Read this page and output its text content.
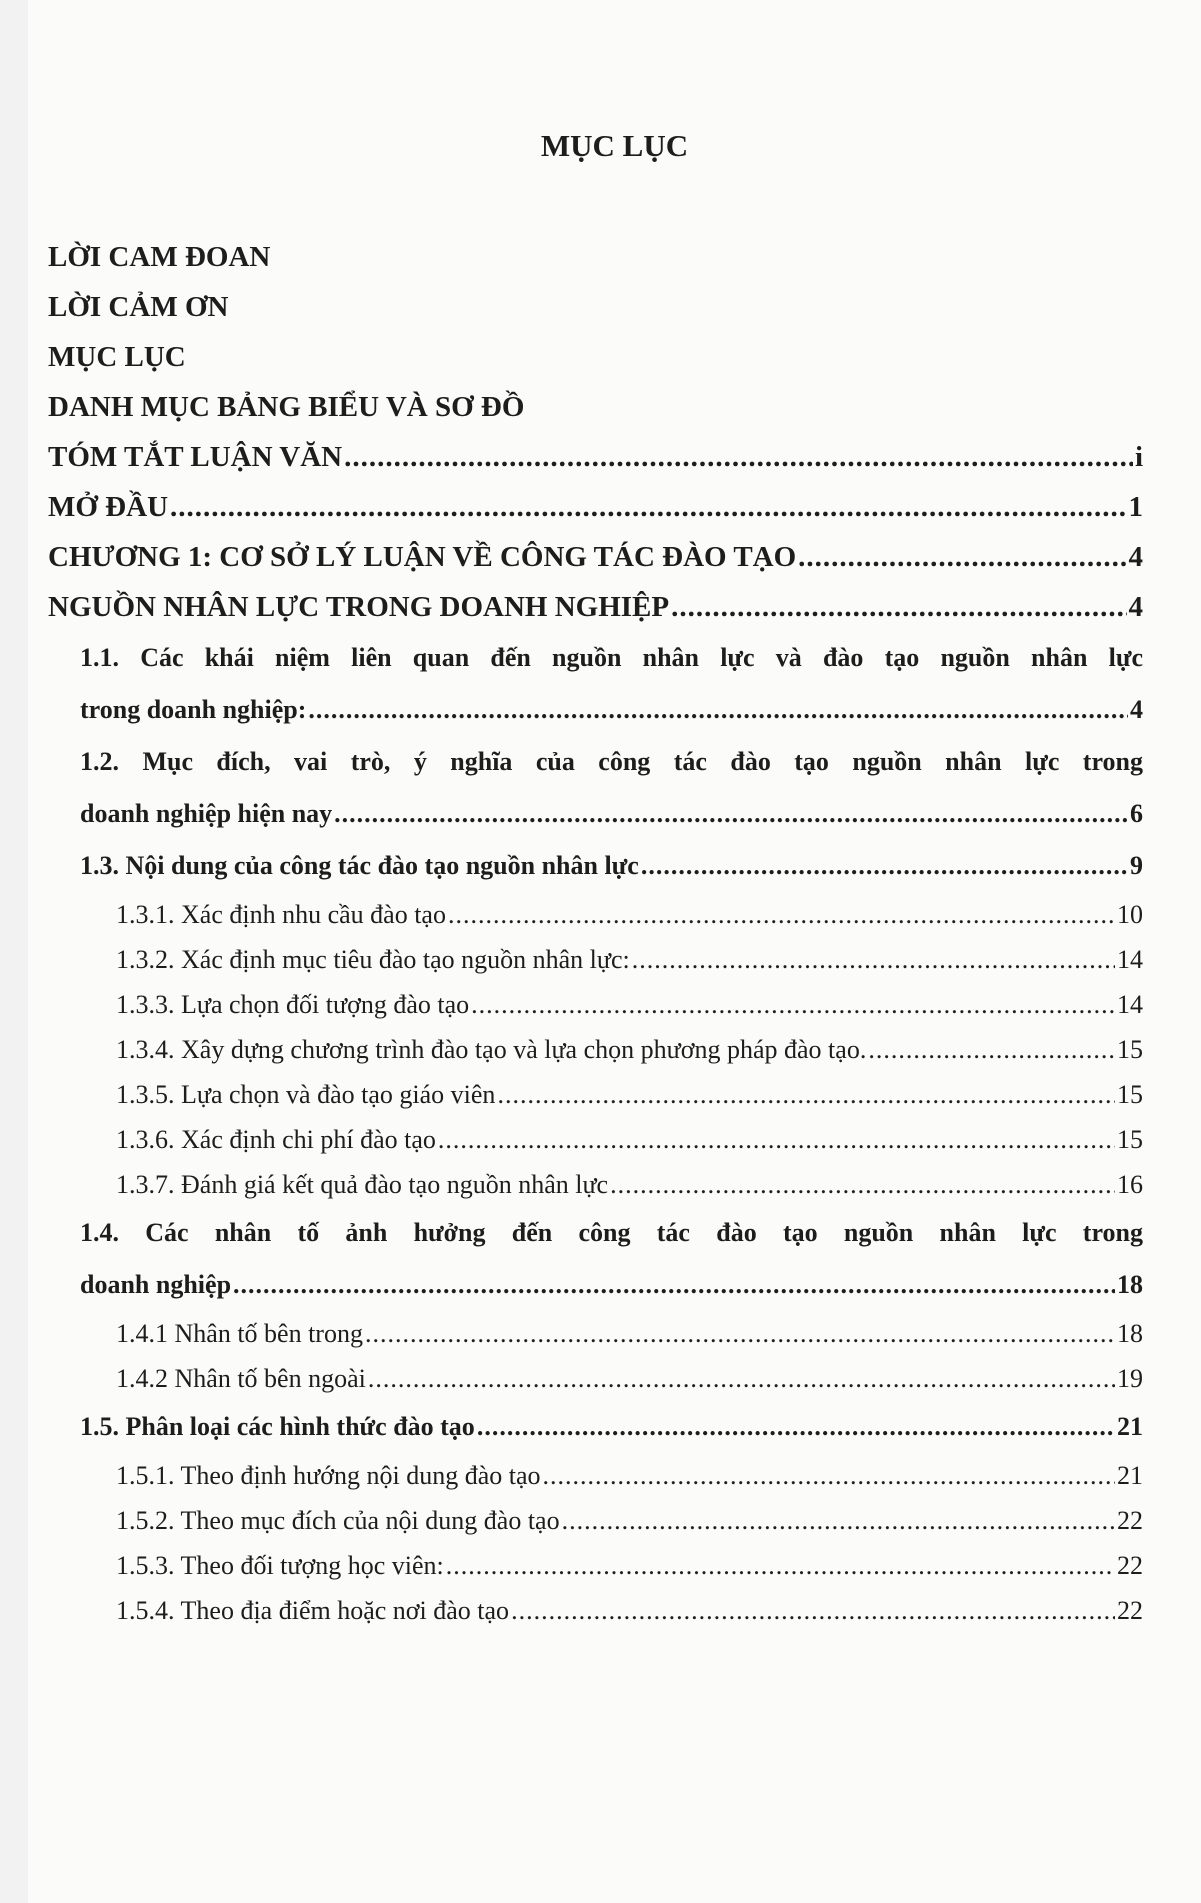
MỤC LỤC
LỜI CAM ĐOAN
LỜI CẢM ƠN
MỤC LỤC
DANH MỤC BẢNG BIỂU VÀ SƠ ĐỒ
TÓM TẮT LUẬN VĂN .....	i
MỞ ĐẦU .....	1
CHƯƠNG 1: CƠ SỞ LÝ LUẬN VỀ CÔNG TÁC ĐÀO TẠO .....	4
NGUỒN NHÂN LỰC TRONG DOANH NGHIỆP .....	4
1.1. Các khái niệm liên quan đến nguồn nhân lực và đào tạo nguồn nhân lực
trong doanh nghiệp: .....	4
1.2. Mục đích, vai trò, ý nghĩa của công tác đào tạo nguồn nhân lực trong
doanh nghiệp hiện nay .....	6
1.3. Nội dung của công tác đào tạo nguồn nhân lực .....	9
1.3.1. Xác định nhu cầu đào tạo .....	10
1.3.2. Xác định mục tiêu đào tạo nguồn nhân lực: .....	14
1.3.3. Lựa chọn đối tượng đào tạo .....	14
1.3.4. Xây dựng chương trình đào tạo và lựa chọn phương pháp đào tạo. .....	15
1.3.5. Lựa chọn và đào tạo giáo viên .....	15
1.3.6. Xác định chi phí đào tạo .....	15
1.3.7. Đánh giá kết quả đào tạo nguồn nhân lực .....	16
1.4. Các nhân tố ảnh hưởng đến công tác đào tạo nguồn nhân lực trong
doanh nghiệp .....	18
1.4.1 Nhân tố bên trong .....	18
1.4.2 Nhân tố bên ngoài .....	19
1.5. Phân loại các hình thức đào tạo .....	21
1.5.1. Theo định hướng nội dung đào tạo .....	21
1.5.2. Theo mục đích của nội dung đào tạo .....	22
1.5.3. Theo đối tượng học viên: .....	22
1.5.4. Theo địa điểm hoặc nơi đào tạo .....	22
